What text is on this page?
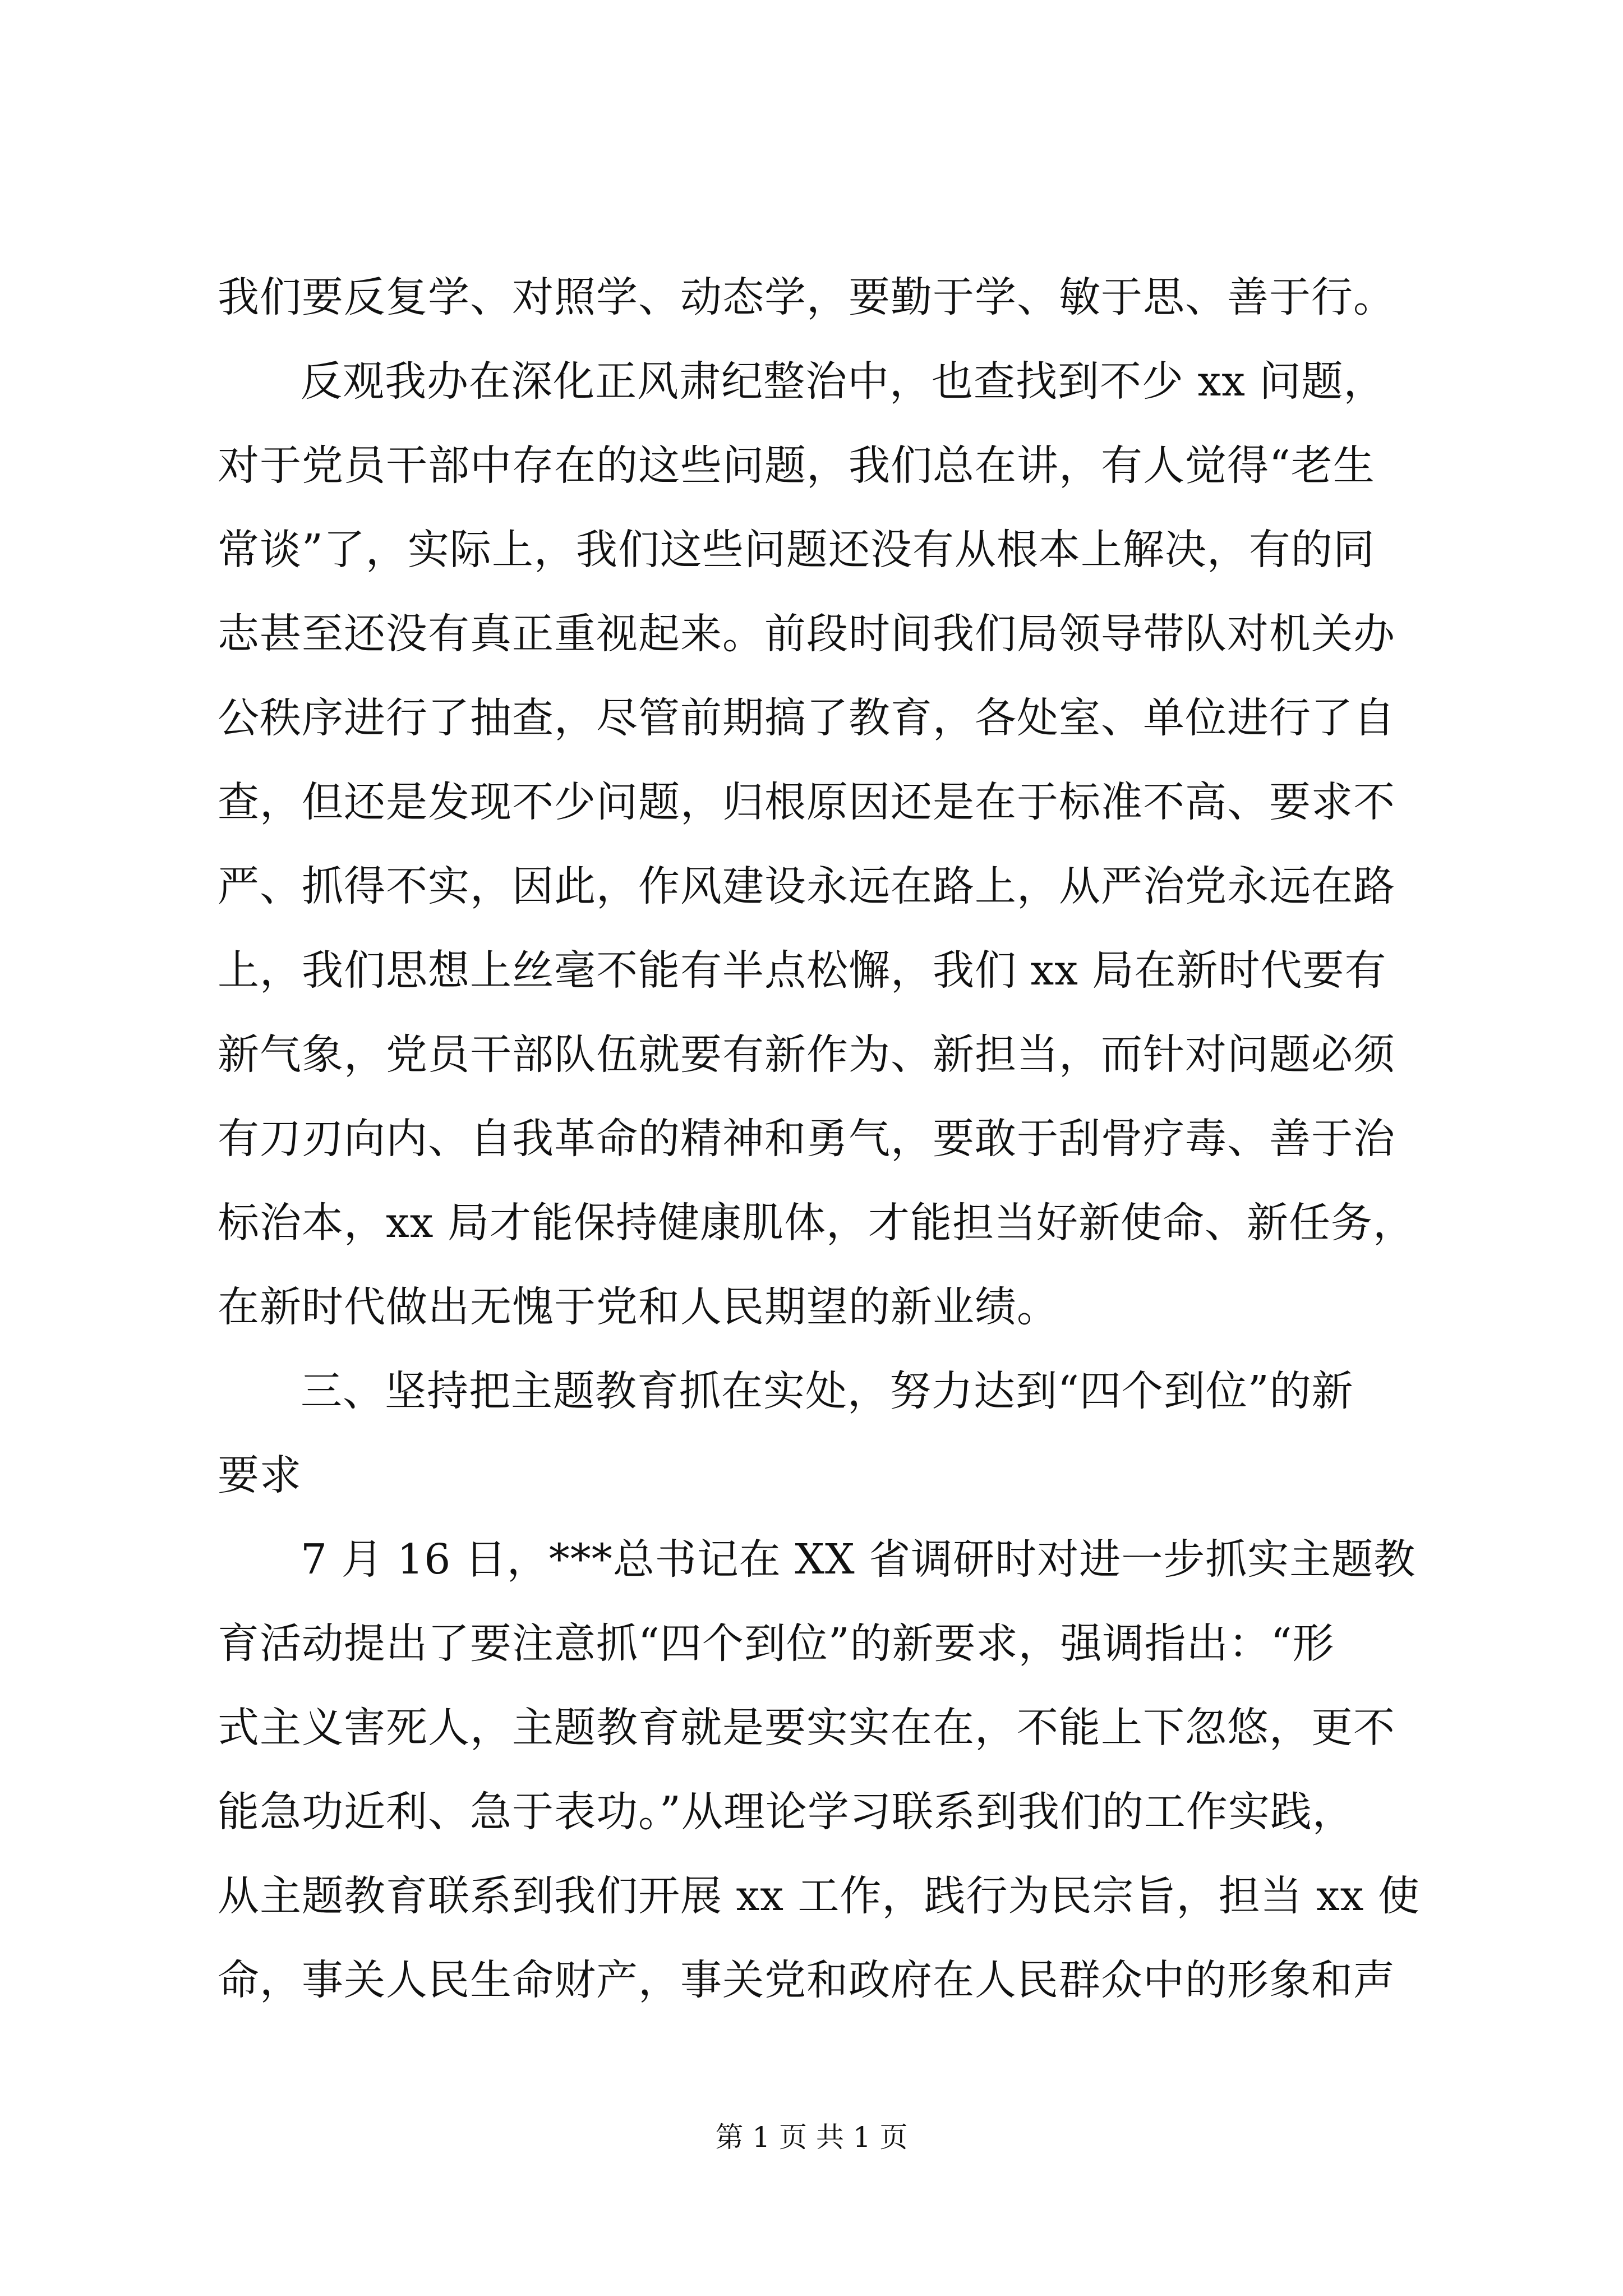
我们要反复学、对照学、动态学，要勤于学、敏于思、善于行。
反观我办在深化正风肃纪整治中，也查找到不少 xx 问题，
对于党员干部中存在的这些问题，我们总在讲，有人觉得“老生
常谈”了，实际上，我们这些问题还没有从根本上解决，有的同
志甚至还没有真正重视起来。前段时间我们局领导带队对机关办
公秩序进行了抽查，尽管前期搞了教育，各处室、单位进行了自
查，但还是发现不少问题，归根原因还是在于标准不高、要求不
严、抓得不实，因此，作风建设永远在路上，从严治党永远在路
上，我们思想上丝毫不能有半点松懈，我们 xx 局在新时代要有
新气象，党员干部队伍就要有新作为、新担当，而针对问题必须
有刀刃向内、自我革命的精神和勇气，要敢于刮骨疗毒、善于治
标治本，xx 局才能保持健康肌体，才能担当好新使命、新任务，
在新时代做出无愧于党和人民期望的新业绩。
三、坚持把主题教育抓在实处，努力达到“四个到位”的新
要求
7 月 16 日，***总书记在 XX 省调研时对进一步抓实主题教
育活动提出了要注意抓“四个到位”的新要求，强调指出：“形
式主义害死人，主题教育就是要实实在在，不能上下忽悠，更不
能急功近利、急于表功。”从理论学习联系到我们的工作实践，
从主题教育联系到我们开展 xx 工作，践行为民宗旨，担当 xx 使
命，事关人民生命财产，事关党和政府在人民群众中的形象和声
第 1 页 共 1 页
